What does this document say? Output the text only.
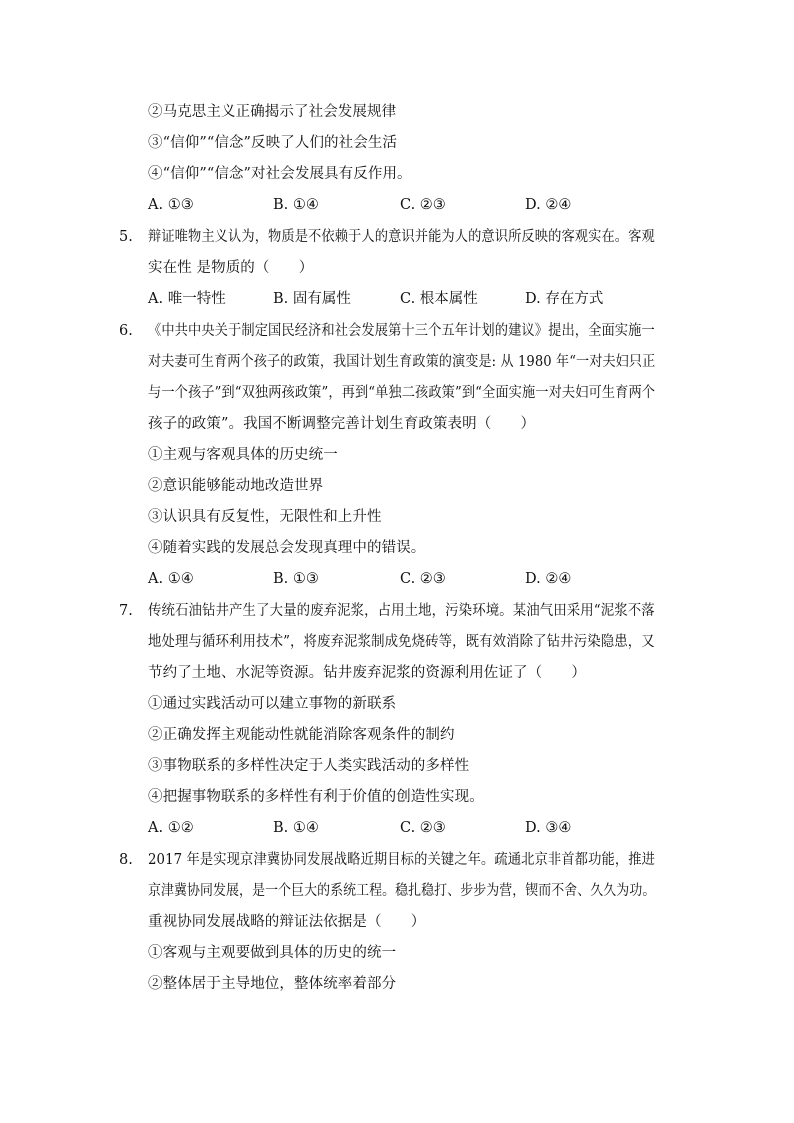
②马克思主义正确揭示了社会发展规律
③“信仰”“信念”反映了人们的社会生活
④“信仰”“信念”对社会发展具有反作用。
A. ①③	B. ①④	C. ②③	D. ②④
5. 辩证唯物主义认为，物质是不依赖于人的意识并能为人的意识所反映的客观实在。客观
实在性 是物质的（　　）
A. 唯一特性	B. 固有属性	C. 根本属性	D. 存在方式
6. 《中共中央关于制定国民经济和社会发展第十三个五年计划的建议》提出，全面实施一
对夫妻可生育两个孩子的政策，我国计划生育政策的演变是: 从 1980 年“一对夫妇只正
与一个孩子”到“双独两孩政策”，再到“单独二孩政策”到“全面实施一对夫妇可生育两个
孩子的政策”。我国不断调整完善计划生育政策表明（　　）
①主观与客观具体的历史统一
②意识能够能动地改造世界
③认识具有反复性，无限性和上升性
④随着实践的发展总会发现真理中的错误。
A. ①④	B. ①③	C. ②③	D. ②④
7. 传统石油钻井产生了大量的废弃泥浆，占用土地，污染环境。某油气田采用“泥浆不落
地处理与循环利用技术”，将废弃泥浆制成免烧砖等，既有效消除了钻井污染隐患，又
节约了土地、水泥等资源。钻井废弃泥浆的资源利用佐证了（　　）
①通过实践活动可以建立事物的新联系
②正确发挥主观能动性就能消除客观条件的制约
③事物联系的多样性决定于人类实践活动的多样性
④把握事物联系的多样性有利于价值的创造性实现。
A. ①②	B. ①④	C. ②③	D. ③④
8. 2017 年是实现京津冀协同发展战略近期目标的关键之年。疏通北京非首都功能，推进
京津冀协同发展，是一个巨大的系统工程。稳扎稳打、步步为营，锲而不舍、久久为功。
重视协同发展战略的辩证法依据是（　　）
①客观与主观要做到具体的历史的统一
②整体居于主导地位，整体统率着部分
